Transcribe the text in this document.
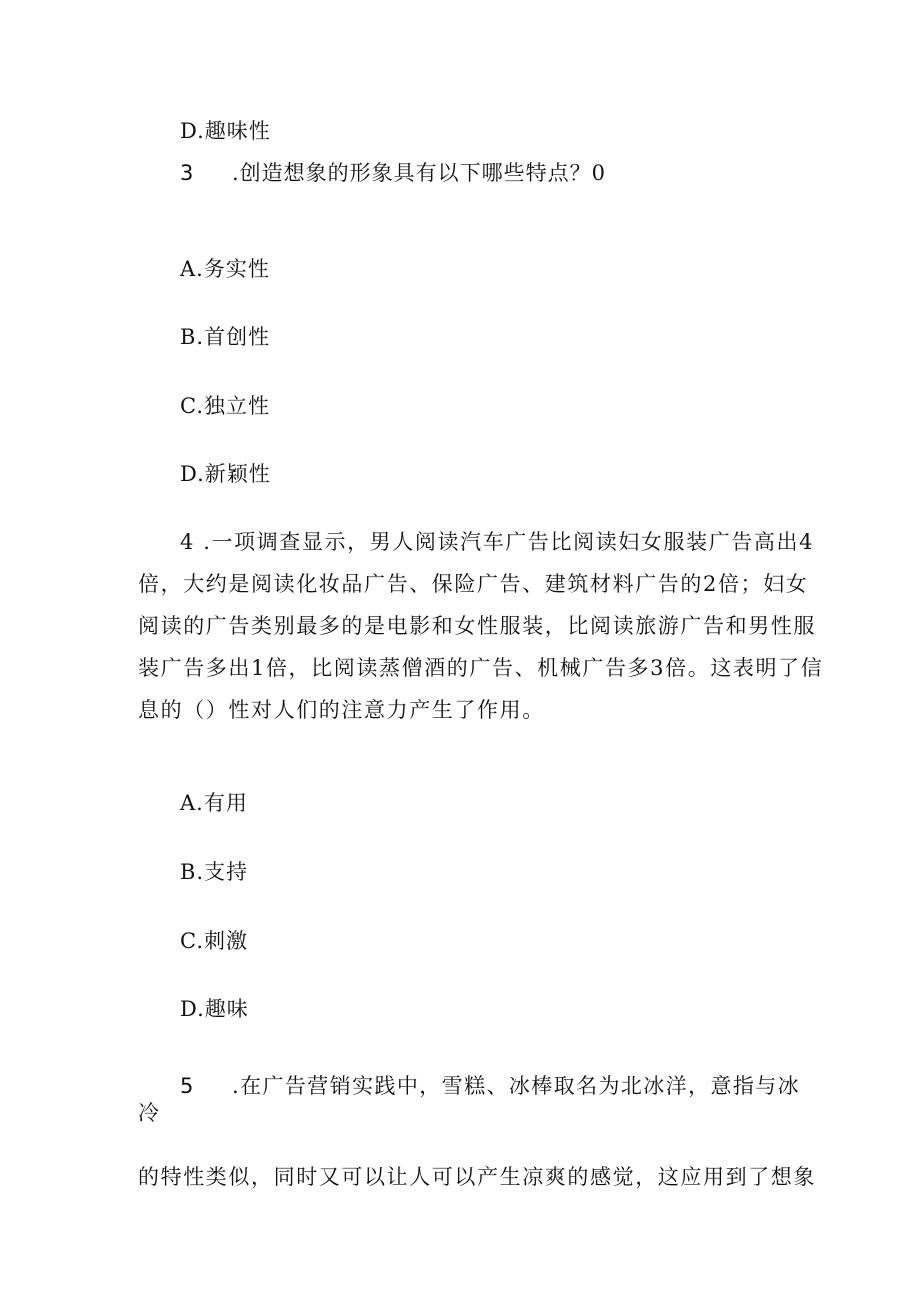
D.趣味性
3 .创造想象的形象具有以下哪些特点？0
A.务实性
B.首创性
C.独立性
D.新颖性
4 .一项调查显示，男人阅读汽车广告比阅读妇女服装广告高出4
倍，大约是阅读化妆品广告、保险广告、建筑材料广告的2倍；妇女
阅读的广告类别最多的是电影和女性服装，比阅读旅游广告和男性服
装广告多出1倍，比阅读蒸僧酒的广告、机械广告多3倍。这表明了信
息的（）性对人们的注意力产生了作用。
A.有用
B.支持
C.刺激
D.趣味
5 .在广告营销实践中，雪糕、冰棒取名为北冰洋，意指与冰
冷
的特性类似，同时又可以让人可以产生凉爽的感觉，这应用到了想象
